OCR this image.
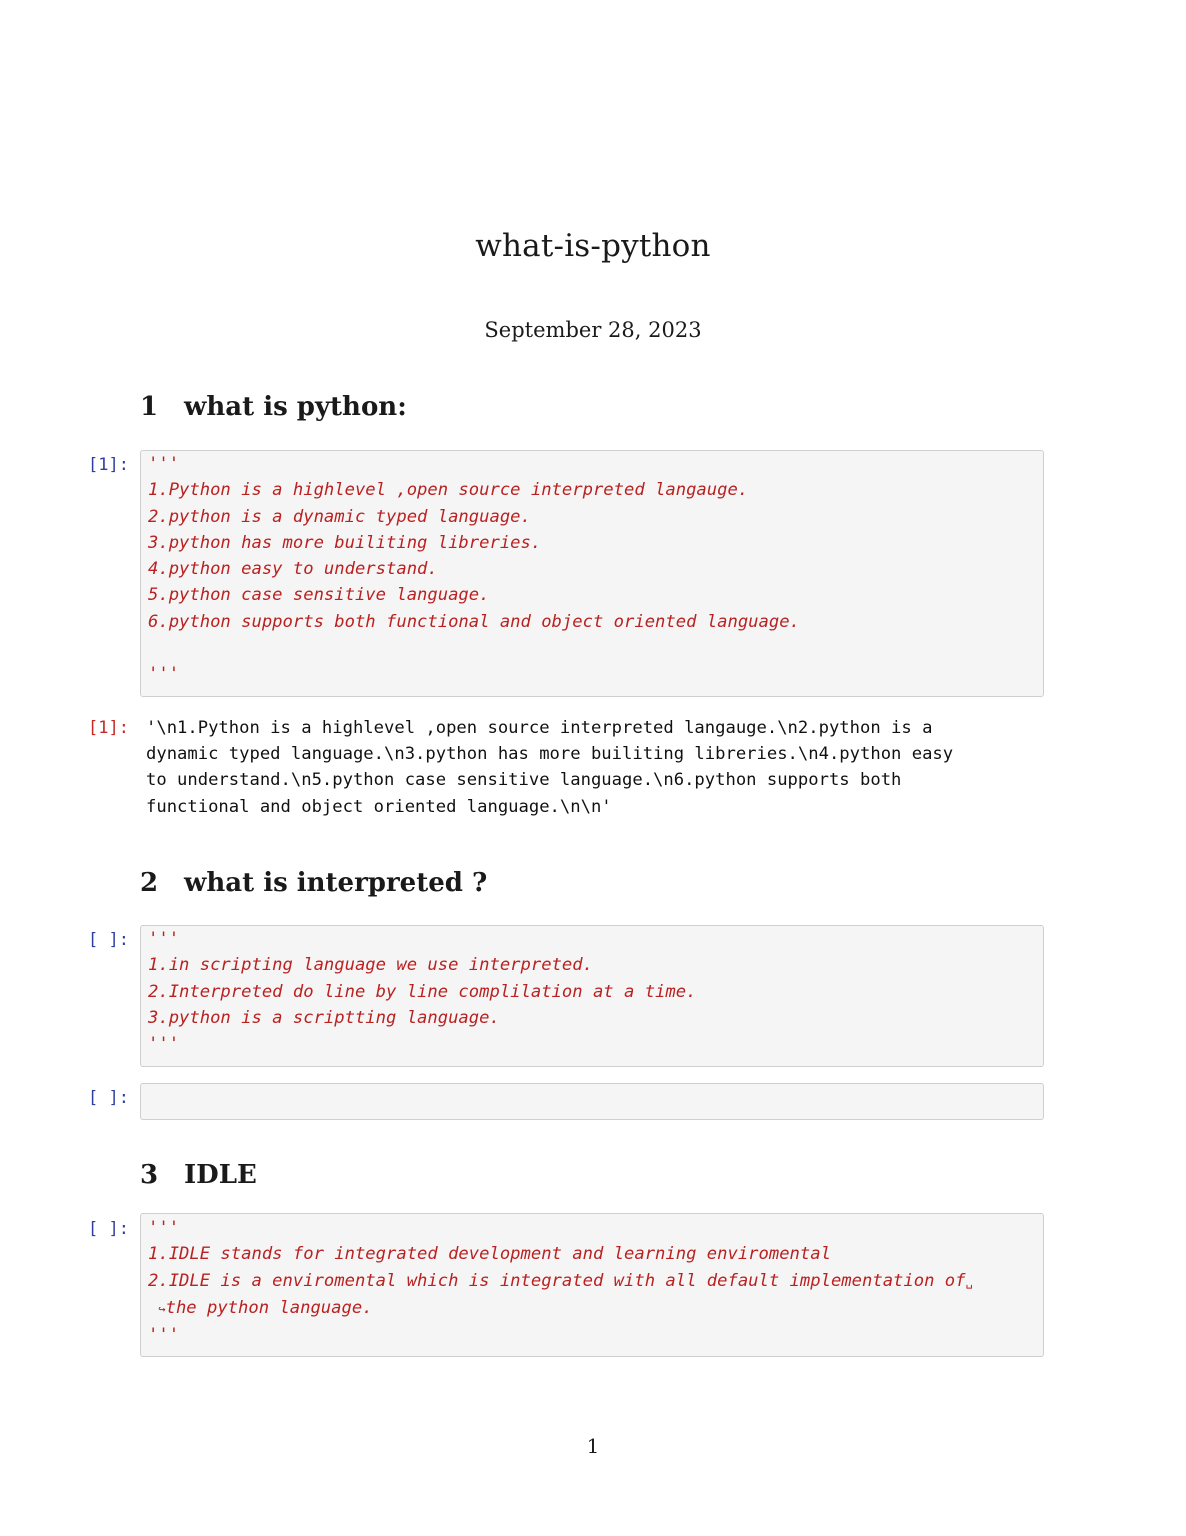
what-is-python
September 28, 2023
1 what is python:
[1]:	'''
1.Python is a highlevel ,open source interpreted langauge.
2.python is a dynamic typed language.
3.python has more builiting libreries.
4.python easy to understand.
5.python case sensitive language.
6.python supports both functional and object oriented language.
'''
[1]: '\n1.Python is a highlevel ,open source interpreted langauge.\n2.python is a
dynamic typed language.\n3.python has more builiting libreries.\n4.python easy
to understand.\n5.python case sensitive language.\n6.python supports both
functional and object oriented language.\n\n'
2 what is interpreted ?
[ ]:	'''
1.in scripting language we use interpreted.
2.Interpreted do line by line complilation at a time.
3.python is a scriptting language.
'''
[ ]:
3 IDLE
[ ]:	'''
1.IDLE stands for integrated development and learning enviromental
2.IDLE is a enviromental which is integrated with all default implementation of␣
↪the python language.
'''
1
